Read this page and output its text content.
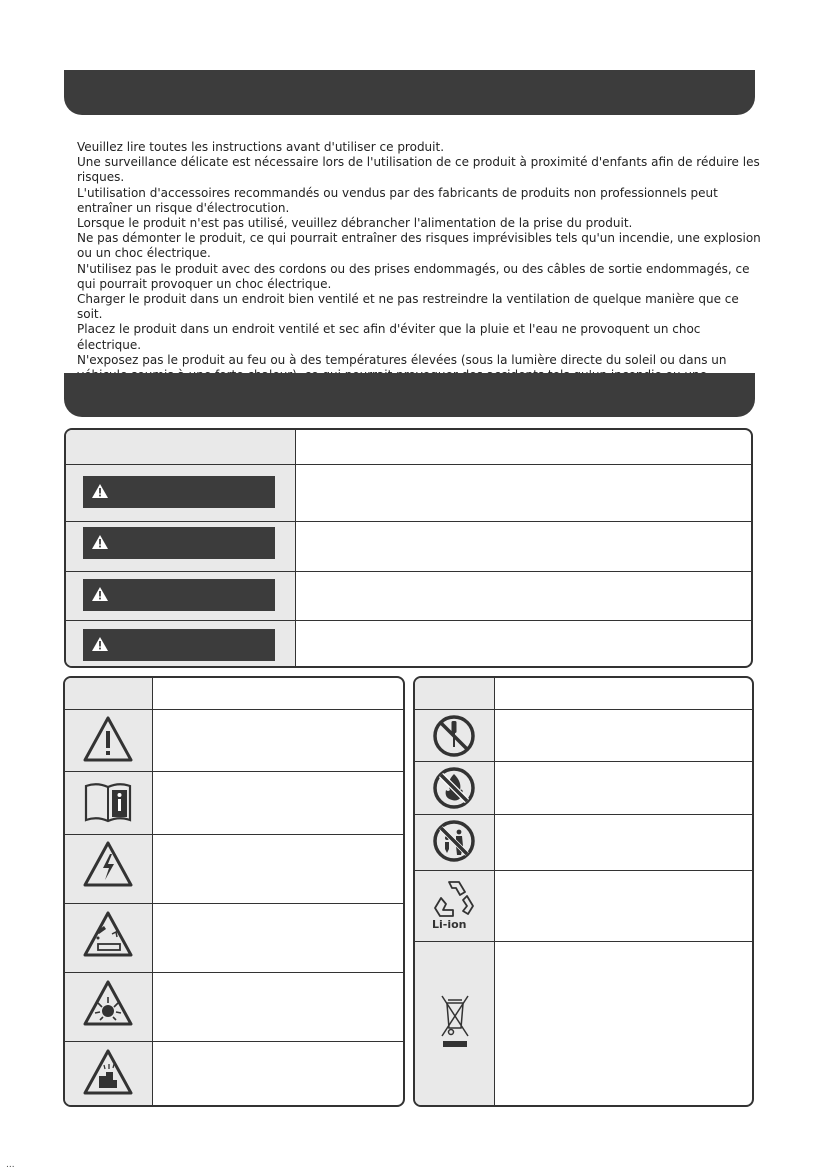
Veuillez lire toutes les instructions avant d'utiliser ce produit.
Une surveillance délicate est nécessaire lors de l'utilisation de ce produit à proximité d'enfants afin de réduire les
risques.
L'utilisation d'accessoires recommandés ou vendus par des fabricants de produits non professionnels peut
entraîner un risque d'électrocution.
Lorsque le produit n'est pas utilisé, veuillez débrancher l'alimentation de la prise du produit.
Ne pas démonter le produit, ce qui pourrait entraîner des risques imprévisibles tels qu'un incendie, une explosion
ou un choc électrique.
N'utilisez pas le produit avec des cordons ou des prises endommagés, ou des câbles de sortie endommagés, ce
qui pourrait provoquer un choc électrique.
Charger le produit dans un endroit bien ventilé et ne pas restreindre la ventilation de quelque manière que ce soit.
Placez le produit dans un endroit ventilé et sec afin d'éviter que la pluie et l'eau ne provoquent un choc électrique.
N'exposez pas le produit au feu ou à des températures élevées (sous la lumière directe du soleil ou dans un
Li-ion
...
